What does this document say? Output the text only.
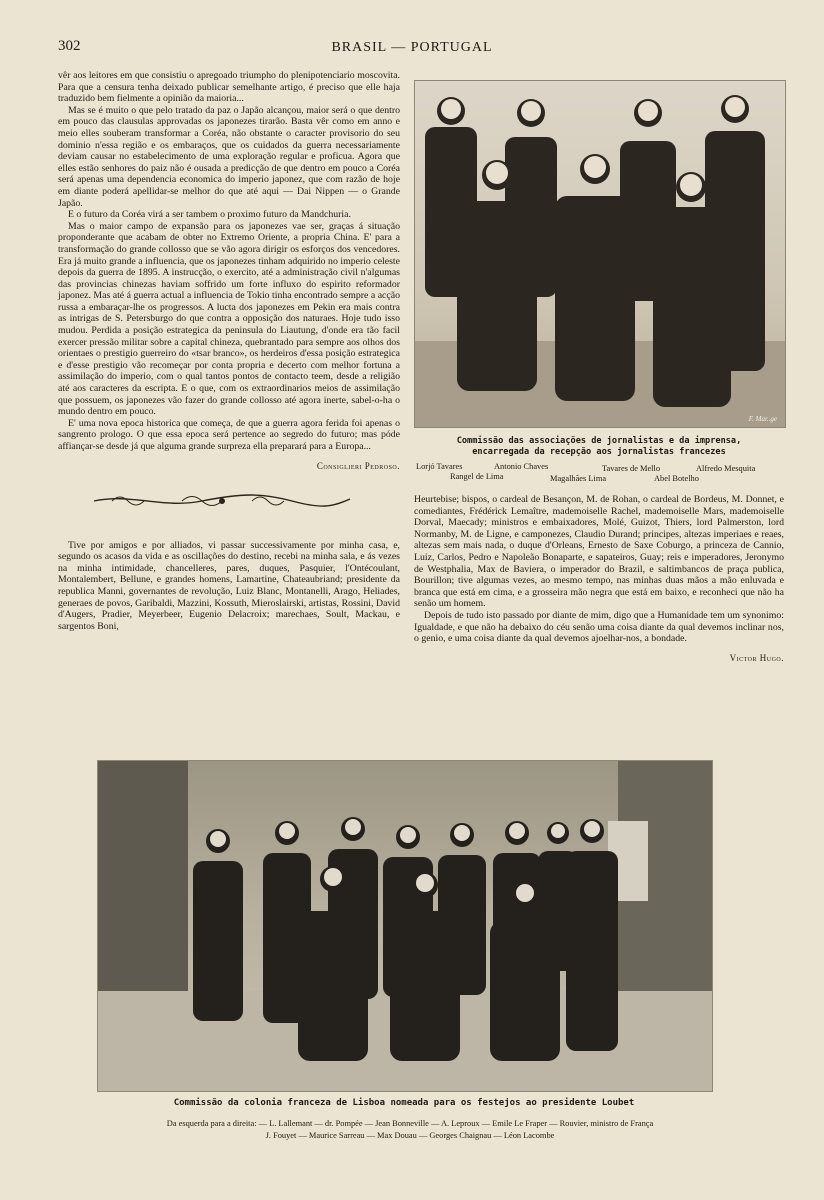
302	BRASIL — PORTUGAL

vêr aos leitores em que consistiu o apregoado triumpho do plenipotenciario moscovita. Para que a censura tenha deixado publicar semelhante artigo, é preciso que elle haja traduzido bem fielmente a opinião da maioria...

Mas se é muito o que pelo tratado da paz o Japão alcançou, maior será o que dentro em pouco das clausulas approvadas os japonezes tirarão. Basta vêr como em anno e meio elles souberam transformar a Coréa, não obstante o caracter provisorio do seu dominio n'essa região e os embaraços, que os cuidados da guerra necessariamente deviam causar no estabelecimento de uma exploração regular e proficua. Agora que elles estão senhores do paiz não é ousada a predicção de que dentro em pouco a Coréa será apenas uma dependencia economica do imperio japonez, que com razão de hoje em diante poderá apellidar-se melhor do que até aqui — Dai Nippen — o Grande Japão.

E o futuro da Coréa virá a ser tambem o proximo futuro da Mandchuria.

Mas o maior campo de expansão para os japonezes vae ser, graças á situação proponderante que acabam de obter no Extremo Oriente, a propria China. E' para a transformação do grande collosso que se vão agora dirigir os esforços dos vencedores. Era já muito grande a influencia, que os japonezes tinham adquirido no imperio celeste depois da guerra de 1895. A instrucção, o exercito, até a administração civil n'algumas das provincias chinezas haviam soffrido um forte influxo do espirito reformador japonez. Mas até á guerra actual a influencia de Tokio tinha encontrado sempre a acção russa a embaraçar-lhe os progressos. A lucta dos japonezes em Pekin era mais contra as intrigas de S. Petersburgo do que contra a opposição dos naturaes. Hoje tudo isso mudou. Perdida a posição estrategica da peninsula do Liautung, d'onde era tão facil exercer pressão militar sobre a capital chineza, quebrantado para sempre aos olhos dos orientaes o prestigio guerreiro do «tsar branco», os herdeiros d'essa posição estrategica e d'esse prestigio vão recomeçar por conta propria e decerto com melhor fortuna a assimilação do imperio, com o qual tantos pontos de contacto teem, desde a religião até aos caracteres da escripta. E o que, com os extraordinarios meios de assimilação que possuem, os japonezes vão fazer do grande collosso até agora inerte, sabel-o-ha o mundo dentro em pouco.

E' uma nova epoca historica que começa, de que a guerra agora ferida foi apenas o sangrento prologo. O que essa epoca será pertence ao segredo do futuro; mas póde affiançar-se desde já que alguma grande surpreza ella preparará para a Europa...

Consiglieri Pedroso.

Tive por amigos e por alliados, vi passar successivamente por minha casa, e, segundo os acasos da vida e as oscillações do destino, recebi na minha sala, e ás vezes na minha intimidade, chancelleres, pares, duques, Pasquier, l'Ontécoulant, Montalembert, Bellune, e grandes homens, Lamartine, Chateaubriand; presidente da republica Manni, governantes de revolução, Luiz Blanc, Montanelli, Arago, Heliades, generaes de povos, Garibaldi, Mazzini, Kossuth, Mieroslairski, artistas, Rossini, David d'Augers, Pradier, Meyerbeer, Eugenio Delacroix; marechaes, Soult, Mackau, e sargentos Boni,

F. Mar..ge
Commissão das associações de jornalistas e da imprensa,
encarregada da recepção aos jornalistas francezes
Lorjó Tavares	Antonio Chaves	Tavares de Mello	Alfredo Mesquita
Rangel de Lima	Magalhães Lima	Abel Botelho

Heurtebise; bispos, o cardeal de Besançon, M. de Rohan, o cardeal de Bordeus, M. Donnet, e comediantes, Frédérick Lemaître, mademoiselle Rachel, mademoiselle Mars, mademoiselle Dorval, Maecady; ministros e embaixadores, Molé, Guizot, Thiers, lord Palmerston, lord Normanby, M. de Ligne, e camponezes, Claudio Durand; principes, altezas imperiaes e reaes, altezas sem mais nada, o duque d'Orleans, Ernesto de Saxe Coburgo, a princeza de Cannio, Luiz, Carlos, Pedro e Napoleão Bonaparte, e sapateiros, Guay; reis e imperadores, Jeronymo de Westphalia, Max de Baviera, o imperador do Brazil, e saltimbancos de praça publica, Bourillon; tive algumas vezes, ao mesmo tempo, nas minhas duas mãos a mão enluvada e branca que está em cima, e a grosseira mão negra que está em baixo, e reconheci que não ha senão um homem.

Depois de tudo isto passado por diante de mim, digo que a Humanidade tem um synonimo: Igualdade, e que não ha debaixo do céu senão uma coisa diante da qual devemos inclinar nos, o genio, e uma coisa diante da qual devemos ajoelhar-nos, a bondade.

Victor Hugo.
Commissão da colonia franceza de Lisboa nomeada para os festejos ao presidente Loubet
Da esquerda para a direita: — L. Lallemant — dr. Pompée — Jean Bonneville — A. Leproux — Emile Le Fraper — Rouvier, ministro de França
J. Fouyet — Maurice Sarreau — Max Douau — Georges Chaignau — Léon Lacombe
